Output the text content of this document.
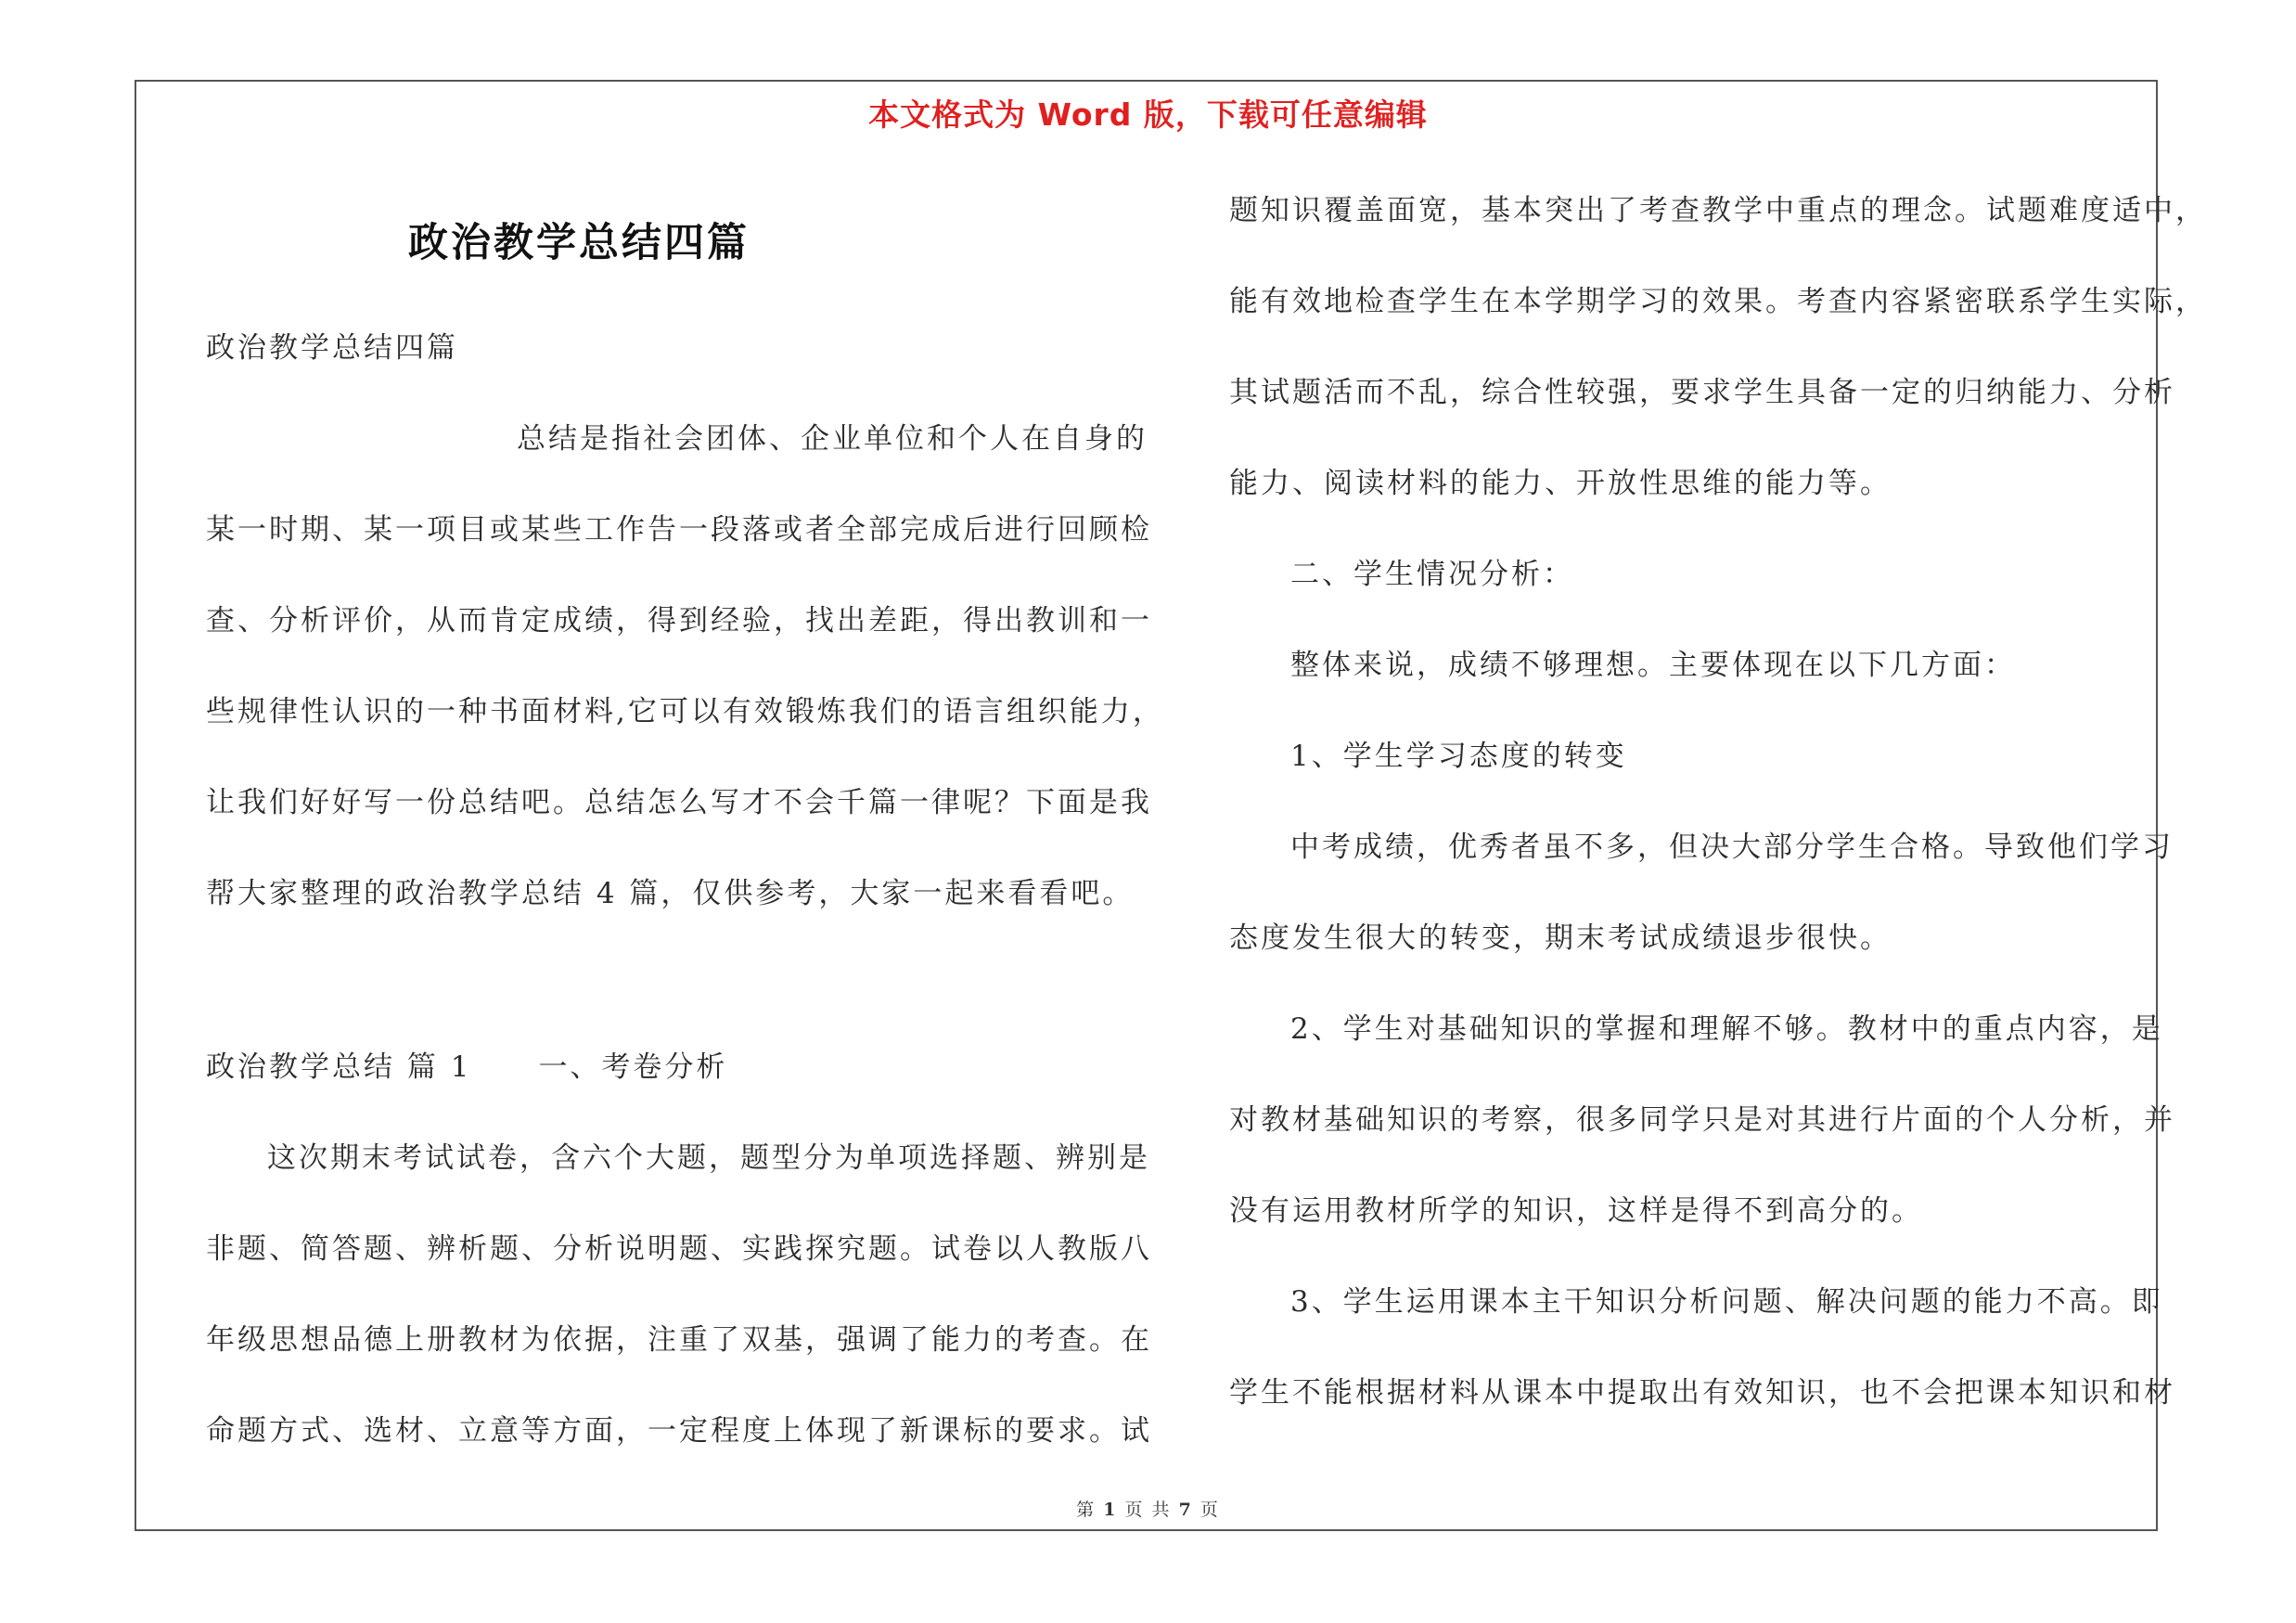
本文格式为 Word 版，下载可任意编辑
政治教学总结四篇
政治教学总结四篇
总结是指社会团体、企业单位和个人在自身的
某一时期、某一项目或某些工作告一段落或者全部完成后进行回顾检
查、分析评价，从而肯定成绩，得到经验，找出差距，得出教训和一
些规律性认识的一种书面材料,它可以有效锻炼我们的语言组织能力，
让我们好好写一份总结吧。总结怎么写才不会千篇一律呢？下面是我
帮大家整理的政治教学总结 4 篇，仅供参考，大家一起来看看吧。
政治教学总结 篇 1 一、考卷分析
这次期末考试试卷，含六个大题，题型分为单项选择题、辨别是
非题、简答题、辨析题、分析说明题、实践探究题。试卷以人教版八
年级思想品德上册教材为依据，注重了双基，强调了能力的考查。在
命题方式、选材、立意等方面，一定程度上体现了新课标的要求。试
题知识覆盖面宽，基本突出了考查教学中重点的理念。试题难度适中，
能有效地检查学生在本学期学习的效果。考查内容紧密联系学生实际，
其试题活而不乱，综合性较强，要求学生具备一定的归纳能力、分析
能力、阅读材料的能力、开放性思维的能力等。
二、学生情况分析：
整体来说，成绩不够理想。主要体现在以下几方面：
1、学生学习态度的转变
中考成绩，优秀者虽不多，但决大部分学生合格。导致他们学习
态度发生很大的转变，期末考试成绩退步很快。
2、学生对基础知识的掌握和理解不够。教材中的重点内容，是
对教材基础知识的考察，很多同学只是对其进行片面的个人分析，并
没有运用教材所学的知识，这样是得不到高分的。
3、学生运用课本主干知识分析问题、解决问题的能力不高。即
学生不能根据材料从课本中提取出有效知识，也不会把课本知识和材
第 1 页 共 7 页
